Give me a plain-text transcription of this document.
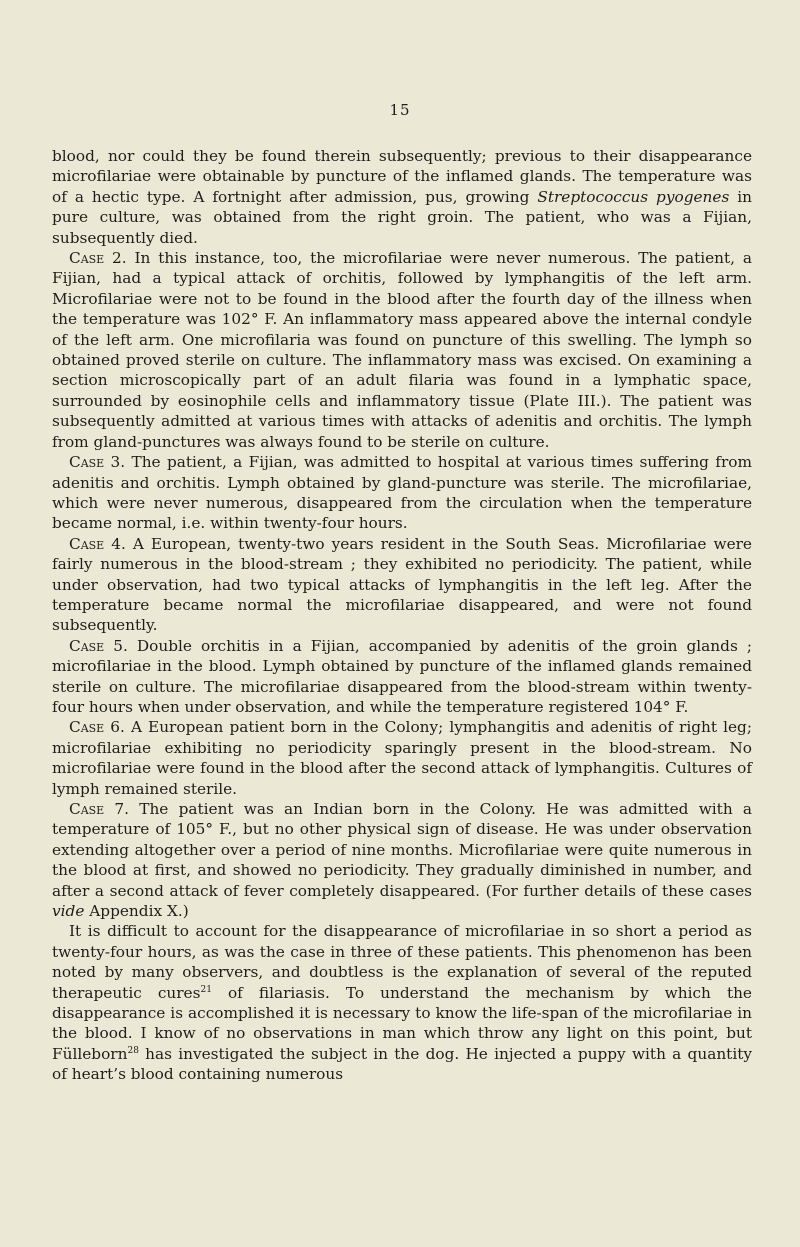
15

blood, nor could they be found therein subsequently; previous to their disappearance microfilariae were obtainable by puncture of the inflamed glands. The temperature was of a hectic type. A fortnight after admission, pus, growing Streptococcus pyogenes in pure culture, was obtained from the right groin. The patient, who was a Fijian, subsequently died.

Case 2. In this instance, too, the microfilariae were never numerous. The patient, a Fijian, had a typical attack of orchitis, followed by lymphangitis of the left arm. Microfilariae were not to be found in the blood after the fourth day of the illness when the temperature was 102° F. An inflammatory mass appeared above the internal condyle of the left arm. One microfilaria was found on puncture of this swelling. The lymph so obtained proved sterile on culture. The inflammatory mass was excised. On examining a section microscopically part of an adult filaria was found in a lymphatic space, surrounded by eosinophile cells and inflammatory tissue (Plate III.). The patient was subsequently admitted at various times with attacks of adenitis and orchitis. The lymph from gland-punctures was always found to be sterile on culture.

Case 3. The patient, a Fijian, was admitted to hospital at various times suffering from adenitis and orchitis. Lymph obtained by gland-puncture was sterile. The microfilariae, which were never numerous, disappeared from the circulation when the temperature became normal, i.e. within twenty-four hours.

Case 4. A European, twenty-two years resident in the South Seas. Microfilariae were fairly numerous in the blood-stream ; they exhibited no periodicity. The patient, while under observation, had two typical attacks of lymphangitis in the left leg. After the temperature became normal the microfilariae disappeared, and were not found subsequently.

Case 5. Double orchitis in a Fijian, accompanied by adenitis of the groin glands ; microfilariae in the blood. Lymph obtained by puncture of the inflamed glands remained sterile on culture. The microfilariae disappeared from the blood-stream within twenty-four hours when under observation, and while the temperature registered 104° F.

Case 6. A European patient born in the Colony; lymphangitis and adenitis of right leg; microfilariae exhibiting no periodicity sparingly present in the blood-stream. No microfilariae were found in the blood after the second attack of lymphangitis. Cultures of lymph remained sterile.

Case 7. The patient was an Indian born in the Colony. He was admitted with a temperature of 105° F., but no other physical sign of disease. He was under observation extending altogether over a period of nine months. Microfilariae were quite numerous in the blood at first, and showed no periodicity. They gradually diminished in number, and after a second attack of fever completely disappeared. (For further details of these cases vide Appendix X.)

It is difficult to account for the disappearance of microfilariae in so short a period as twenty-four hours, as was the case in three of these patients. This phenomenon has been noted by many observers, and doubtless is the explanation of several of the reputed therapeutic cures$^{21}$ of filariasis. To understand the mechanism by which the disappearance is accomplished it is necessary to know the life-span of the microfilariae in the blood. I know of no observations in man which throw any light on this point, but Fülleborn$^{28}$ has investigated the subject in the dog. He injected a puppy with a quantity of heart’s blood containing numerous
